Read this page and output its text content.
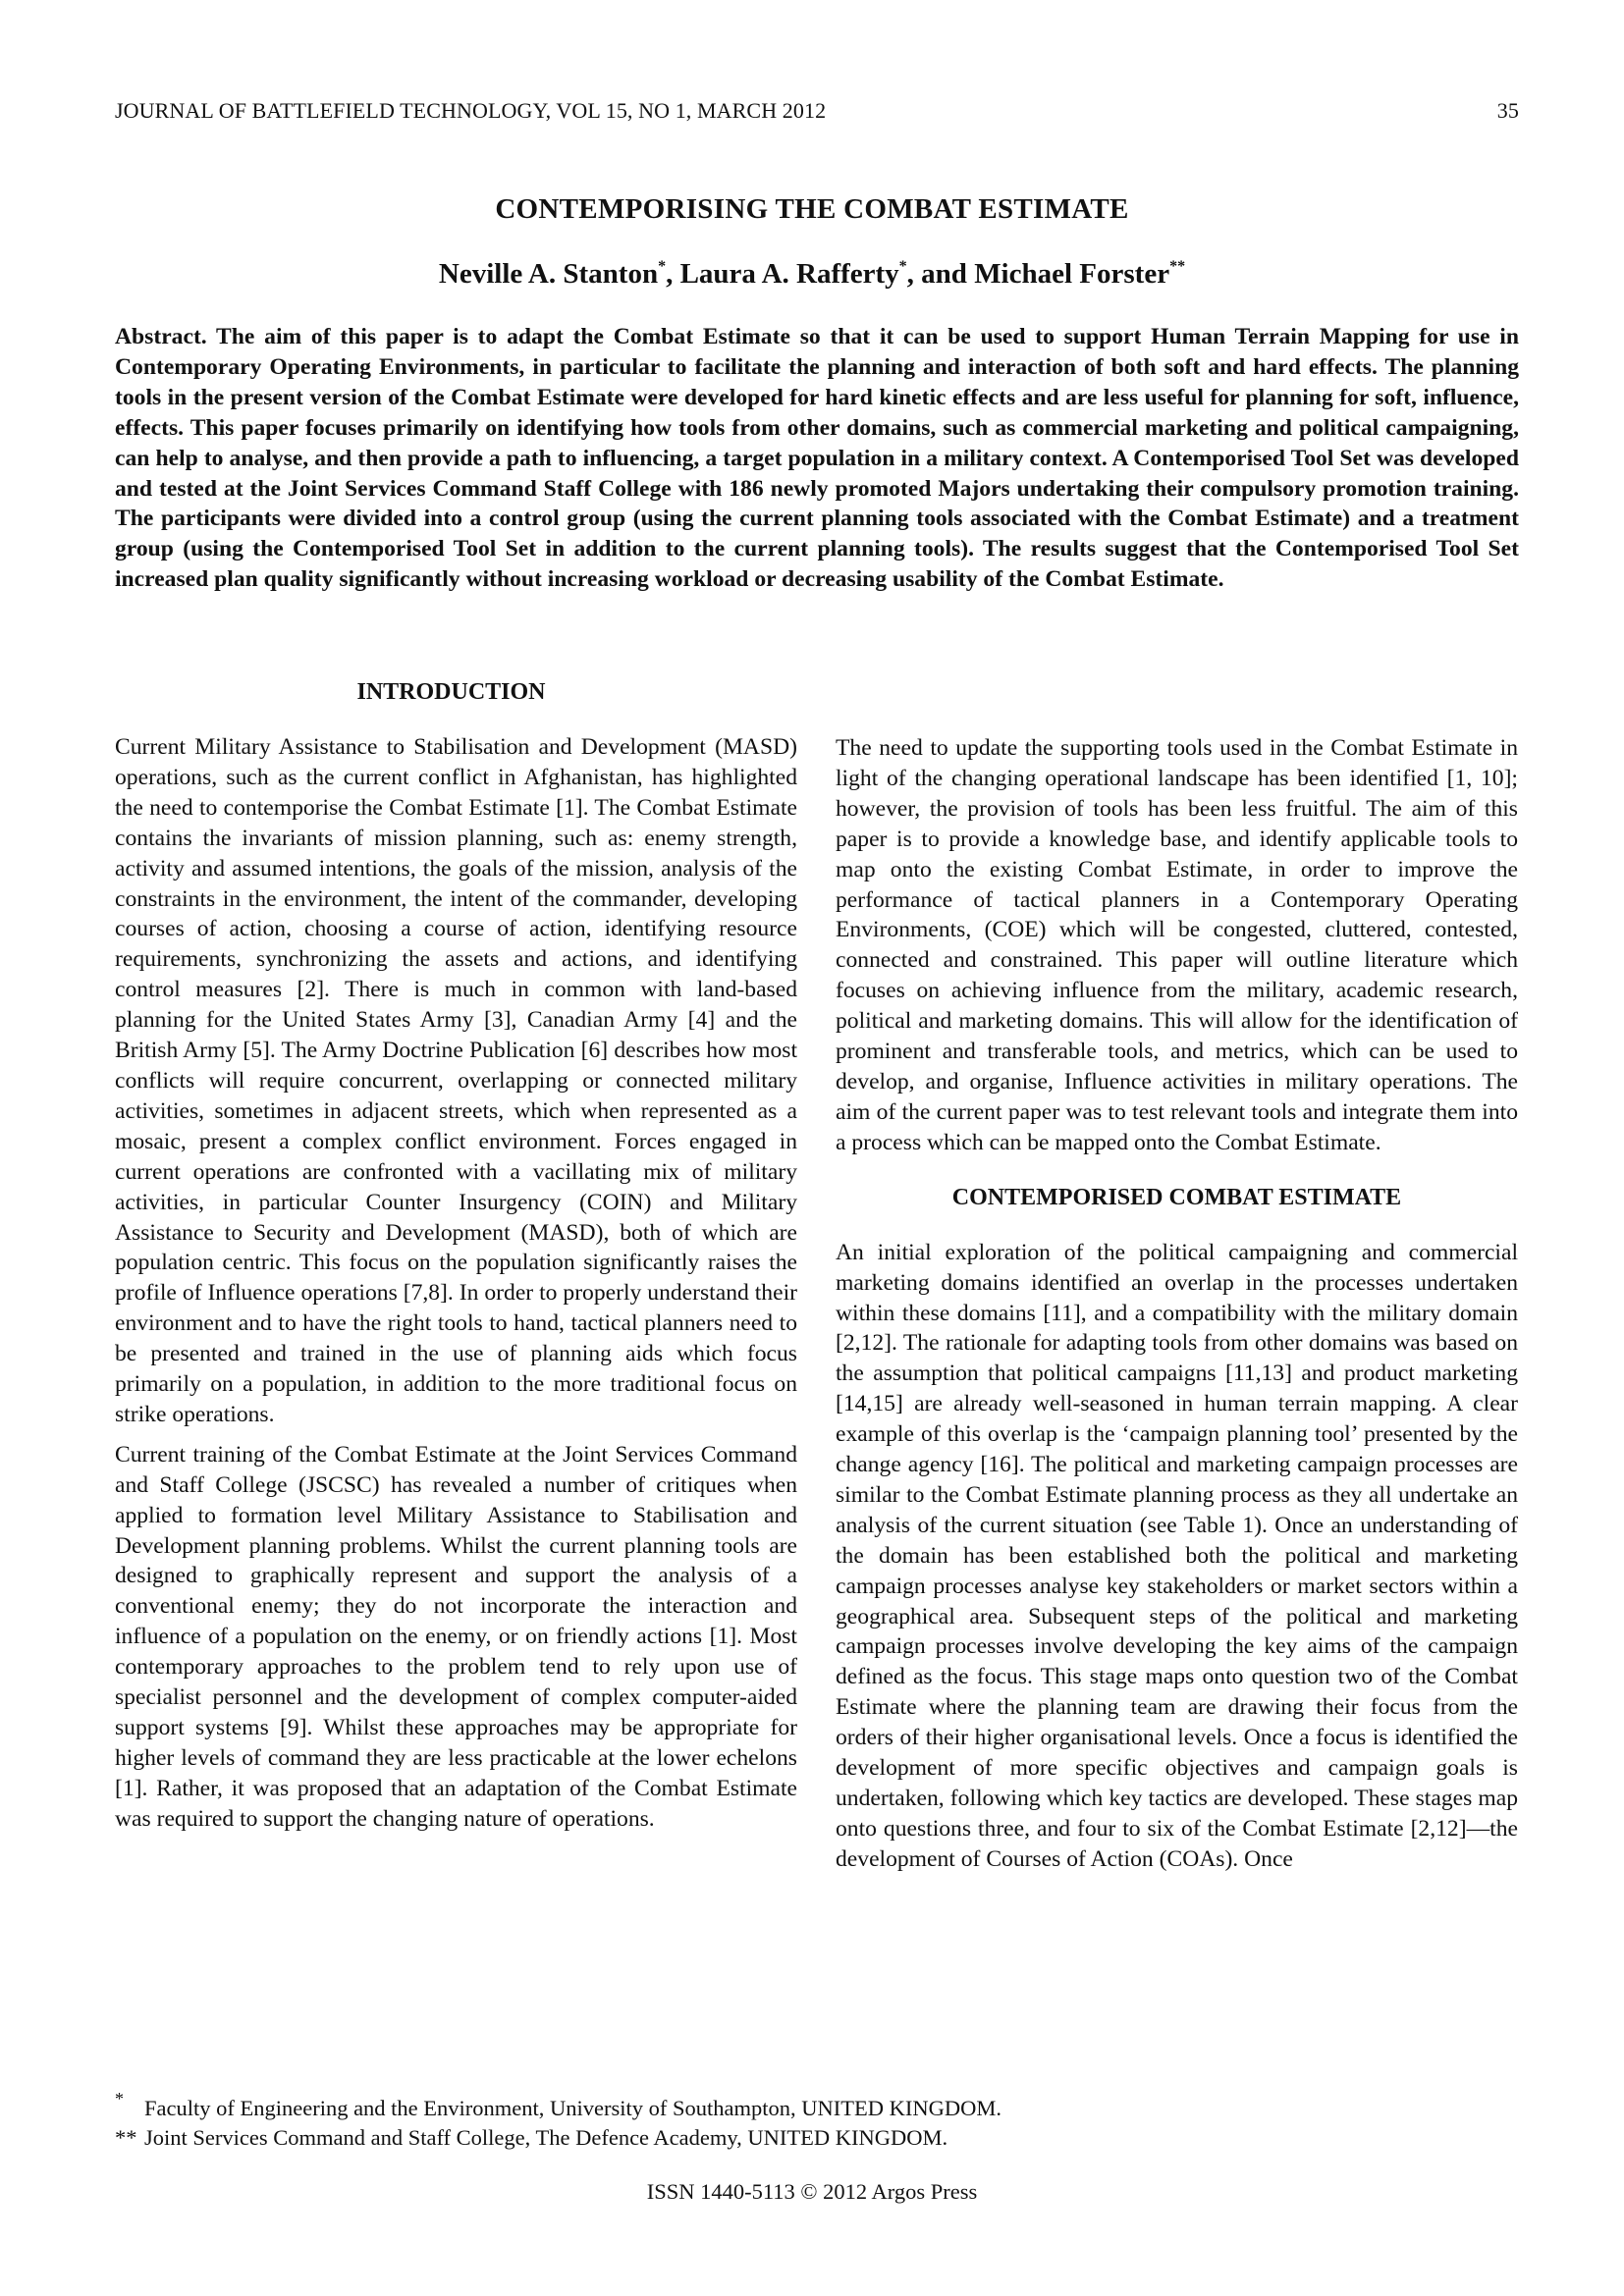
JOURNAL OF BATTLEFIELD TECHNOLOGY, VOL 15, NO 1, MARCH 2012	35
CONTEMPORISING THE COMBAT ESTIMATE
Neville A. Stanton*, Laura A. Rafferty*, and Michael Forster**
Abstract. The aim of this paper is to adapt the Combat Estimate so that it can be used to support Human Terrain Mapping for use in Contemporary Operating Environments, in particular to facilitate the planning and interaction of both soft and hard effects. The planning tools in the present version of the Combat Estimate were developed for hard kinetic effects and are less useful for planning for soft, influence, effects. This paper focuses primarily on identifying how tools from other domains, such as commercial marketing and political campaigning, can help to analyse, and then provide a path to influencing, a target population in a military context. A Contemporised Tool Set was developed and tested at the Joint Services Command Staff College with 186 newly promoted Majors undertaking their compulsory promotion training. The participants were divided into a control group (using the current planning tools associated with the Combat Estimate) and a treatment group (using the Contemporised Tool Set in addition to the current planning tools). The results suggest that the Contemporised Tool Set increased plan quality significantly without increasing workload or decreasing usability of the Combat Estimate.
INTRODUCTION

Current Military Assistance to Stabilisation and Development (MASD) operations, such as the current conflict in Afghanistan, has highlighted the need to contemporise the Combat Estimate [1]. The Combat Estimate contains the invariants of mission planning, such as: enemy strength, activity and assumed intentions, the goals of the mission, analysis of the constraints in the environment, the intent of the commander, developing courses of action, choosing a course of action, identifying resource requirements, synchronizing the assets and actions, and identifying control measures [2]. There is much in common with land-based planning for the United States Army [3], Canadian Army [4] and the British Army [5]. The Army Doctrine Publication [6] describes how most conflicts will require concurrent, overlapping or connected military activities, sometimes in adjacent streets, which when represented as a mosaic, present a complex conflict environment. Forces engaged in current operations are confronted with a vacillating mix of military activities, in particular Counter Insurgency (COIN) and Military Assistance to Security and Development (MASD), both of which are population centric. This focus on the population significantly raises the profile of Influence operations [7,8]. In order to properly understand their environment and to have the right tools to hand, tactical planners need to be presented and trained in the use of planning aids which focus primarily on a population, in addition to the more traditional focus on strike operations.

Current training of the Combat Estimate at the Joint Services Command and Staff College (JSCSC) has revealed a number of critiques when applied to formation level Military Assistance to Stabilisation and Development planning problems. Whilst the current planning tools are designed to graphically represent and support the analysis of a conventional enemy; they do not incorporate the interaction and influence of a population on the enemy, or on friendly actions [1]. Most contemporary approaches to the problem tend to rely upon use of specialist personnel and the development of complex computer-aided support systems [9]. Whilst these approaches may be appropriate for higher levels of command they are less practicable at the lower echelons [1]. Rather, it was proposed that an adaptation of the Combat Estimate was required to support the changing nature of operations.

The need to update the supporting tools used in the Combat Estimate in light of the changing operational landscape has been identified [1, 10]; however, the provision of tools has been less fruitful. The aim of this paper is to provide a knowledge base, and identify applicable tools to map onto the existing Combat Estimate, in order to improve the performance of tactical planners in a Contemporary Operating Environments, (COE) which will be congested, cluttered, contested, connected and constrained. This paper will outline literature which focuses on achieving influence from the military, academic research, political and marketing domains. This will allow for the identification of prominent and transferable tools, and metrics, which can be used to develop, and organise, Influence activities in military operations. The aim of the current paper was to test relevant tools and integrate them into a process which can be mapped onto the Combat Estimate.

CONTEMPORISED COMBAT ESTIMATE

An initial exploration of the political campaigning and commercial marketing domains identified an overlap in the processes undertaken within these domains [11], and a compatibility with the military domain [2,12]. The rationale for adapting tools from other domains was based on the assumption that political campaigns [11,13] and product marketing [14,15] are already well-seasoned in human terrain mapping. A clear example of this overlap is the ‘campaign planning tool’ presented by the change agency [16]. The political and marketing campaign processes are similar to the Combat Estimate planning process as they all undertake an analysis of the current situation (see Table 1). Once an understanding of the domain has been established both the political and marketing campaign processes analyse key stakeholders or market sectors within a geographical area. Subsequent steps of the political and marketing campaign processes involve developing the key aims of the campaign defined as the focus. This stage maps onto question two of the Combat Estimate where the planning team are drawing their focus from the orders of their higher organisational levels. Once a focus is identified the development of more specific objectives and campaign goals is undertaken, following which key tactics are developed. These stages map onto questions three, and four to six of the Combat Estimate [2,12]—the development of Courses of Action (COAs). Once

* Faculty of Engineering and the Environment, University of Southampton, UNITED KINGDOM.
** Joint Services Command and Staff College, The Defence Academy, UNITED KINGDOM.
ISSN 1440-5113 © 2012 Argos Press
